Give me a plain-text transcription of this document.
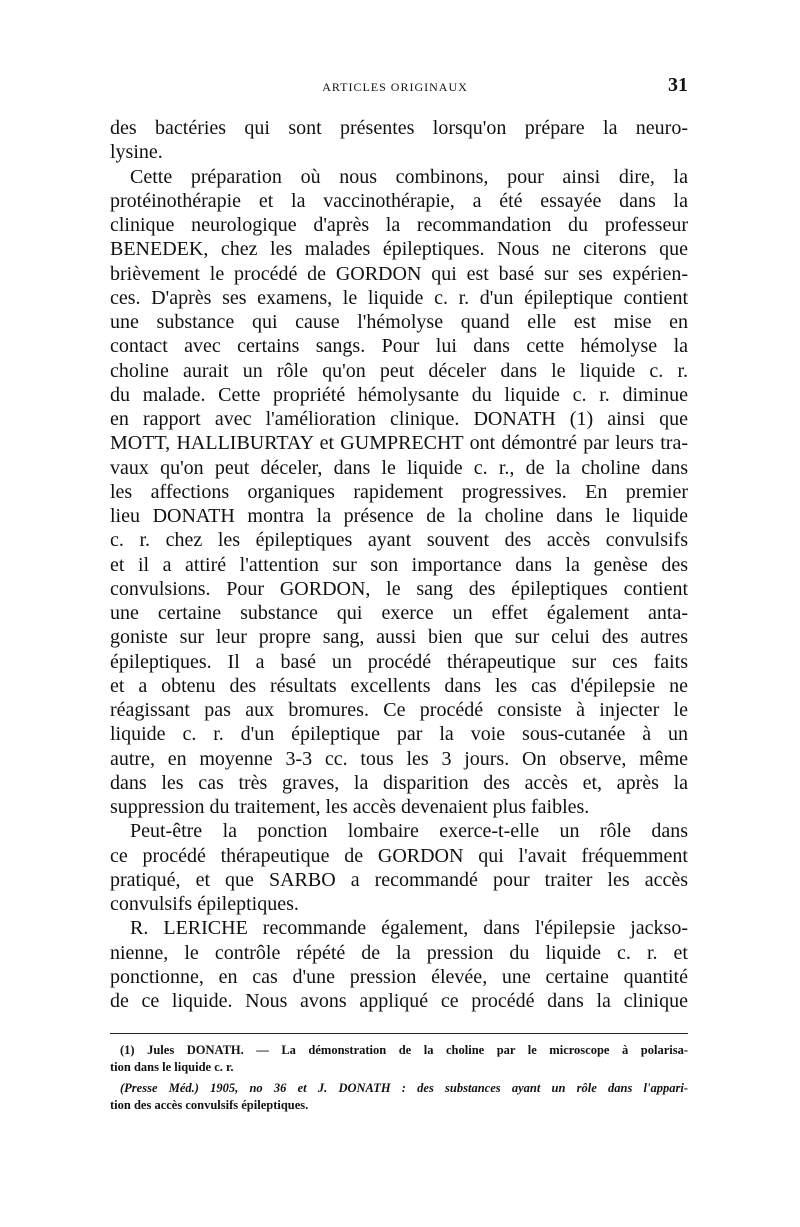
ARTICLES ORIGINAUX	31
des bactéries qui sont présentes lorsqu'on prépare la neuro-
lysine.
Cette préparation où nous combinons, pour ainsi dire, la
protéinothérapie et la vaccinothérapie, a été essayée dans la
clinique neurologique d'après la recommandation du professeur
BENEDEK, chez les malades épileptiques. Nous ne citerons que
brièvement le procédé de GORDON qui est basé sur ses expérien-
ces. D'après ses examens, le liquide c. r. d'un épileptique contient
une substance qui cause l'hémolyse quand elle est mise en
contact avec certains sangs. Pour lui dans cette hémolyse la
choline aurait un rôle qu'on peut déceler dans le liquide c. r.
du malade. Cette propriété hémolysante du liquide c. r. diminue
en rapport avec l'amélioration clinique. DONATH (1) ainsi que
MOTT, HALLIBURTAY et GUMPRECHT ont démontré par leurs tra-
vaux qu'on peut déceler, dans le liquide c. r., de la choline dans
les affections organiques rapidement progressives. En premier
lieu DONATH montra la présence de la choline dans le liquide
c. r. chez les épileptiques ayant souvent des accès convulsifs
et il a attiré l'attention sur son importance dans la genèse des
convulsions. Pour GORDON, le sang des épileptiques contient
une certaine substance qui exerce un effet également anta-
goniste sur leur propre sang, aussi bien que sur celui des autres
épileptiques. Il a basé un procédé thérapeutique sur ces faits
et a obtenu des résultats excellents dans les cas d'épilepsie ne
réagissant pas aux bromures. Ce procédé consiste à injecter le
liquide c. r. d'un épileptique par la voie sous-cutanée à un
autre, en moyenne 3-3 cc. tous les 3 jours. On observe, même
dans les cas très graves, la disparition des accès et, après la
suppression du traitement, les accès devenaient plus faibles.
Peut-être la ponction lombaire exerce-t-elle un rôle dans
ce procédé thérapeutique de GORDON qui l'avait fréquemment
pratiqué, et que SARBO a recommandé pour traiter les accès
convulsifs épileptiques.
R. LERICHE recommande également, dans l'épilepsie jackso-
nienne, le contrôle répété de la pression du liquide c. r. et
ponctionne, en cas d'une pression élevée, une certaine quantité
de ce liquide. Nous avons appliqué ce procédé dans la clinique
(1) Jules DONATH. — La démonstration de la choline par le microscope à polarisa-
tion dans le liquide c. r.
(Presse Méd.) 1905, no 36 et J. DONATH : des substances ayant un rôle dans l'appari-
tion des accès convulsifs épileptiques.
